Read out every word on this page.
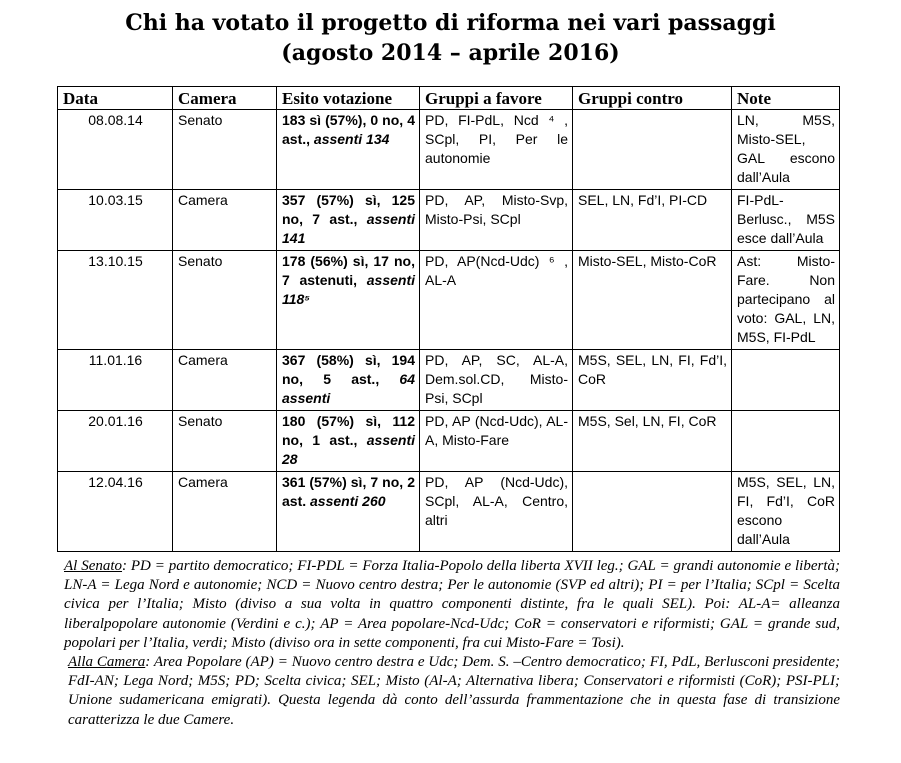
Chi ha votato il progetto di riforma nei vari passaggi
(agosto 2014 – aprile 2016)
Data	Camera	Esito votazione	Gruppi a favore	Gruppi contro	Note
08.08.14	Senato	183 sì (57%), 0 no, 4 ast., assenti 134	PD, FI-PdL, Ncd ⁴ , SCpl, PI, Per le autonomie		LN, M5S, Misto-SEL, GAL escono dall’Aula
10.03.15	Camera	357 (57%) sì, 125 no, 7 ast., assenti 141	PD, AP, Misto-Svp, Misto-Psi, SCpl	SEL, LN, Fd’I, PI-CD	FI-PdL-Berlusc., M5S esce dall’Aula
13.10.15	Senato	178 (56%) sì, 17 no, 7 astenuti, assenti 118⁵	PD, AP(Ncd-Udc) ⁶ , AL-A	Misto-SEL, Misto-CoR	Ast: Misto-Fare. Non partecipano al voto: GAL, LN, M5S, FI-PdL
11.01.16	Camera	367 (58%) sì, 194 no, 5 ast., 64 assenti	PD, AP, SC, AL-A, Dem.sol.CD, Misto-Psi, SCpl	M5S, SEL, LN, FI, Fd’I, CoR	
20.01.16	Senato	180 (57%) sì, 112 no, 1 ast., assenti 28	PD, AP (Ncd-Udc), AL-A, Misto-Fare	M5S, Sel, LN, FI, CoR	
12.04.16	Camera	361 (57%) sì, 7 no, 2 ast. assenti 260	PD, AP (Ncd-Udc), SCpl, AL-A, Centro, altri		M5S, SEL, LN, FI, Fd’I, CoR escono dall’Aula

Al Senato: PD = partito democratico; FI-PDL = Forza Italia-Popolo della liberta XVII leg.; GAL = grandi autonomie e libertà; LN-A = Lega Nord e autonomie; NCD = Nuovo centro destra; Per le autonomie (SVP ed altri); PI = per l’Italia; SCpl = Scelta civica per l’Italia; Misto (diviso a sua volta in quattro componenti distinte, fra le quali SEL). Poi: AL-A= alleanza liberalpopolare autonomie (Verdini e c.); AP = Area popolare-Ncd-Udc; CoR = conservatori e riformisti; GAL = grande sud, popolari per l’Italia, verdi; Misto (diviso ora in sette componenti, fra cui Misto-Fare = Tosi).

Alla Camera: Area Popolare (AP) = Nuovo centro destra e Udc; Dem. S. –Centro democratico; FI, PdL, Berlusconi presidente; FdI-AN; Lega Nord; M5S; PD; Scelta civica; SEL; Misto (Al-A; Alternativa libera; Conservatori e riformisti (CoR); PSI-PLI; Unione sudamericana emigrati). Questa legenda dà conto dell’assurda frammentazione che in questa fase di transizione caratterizza le due Camere.
